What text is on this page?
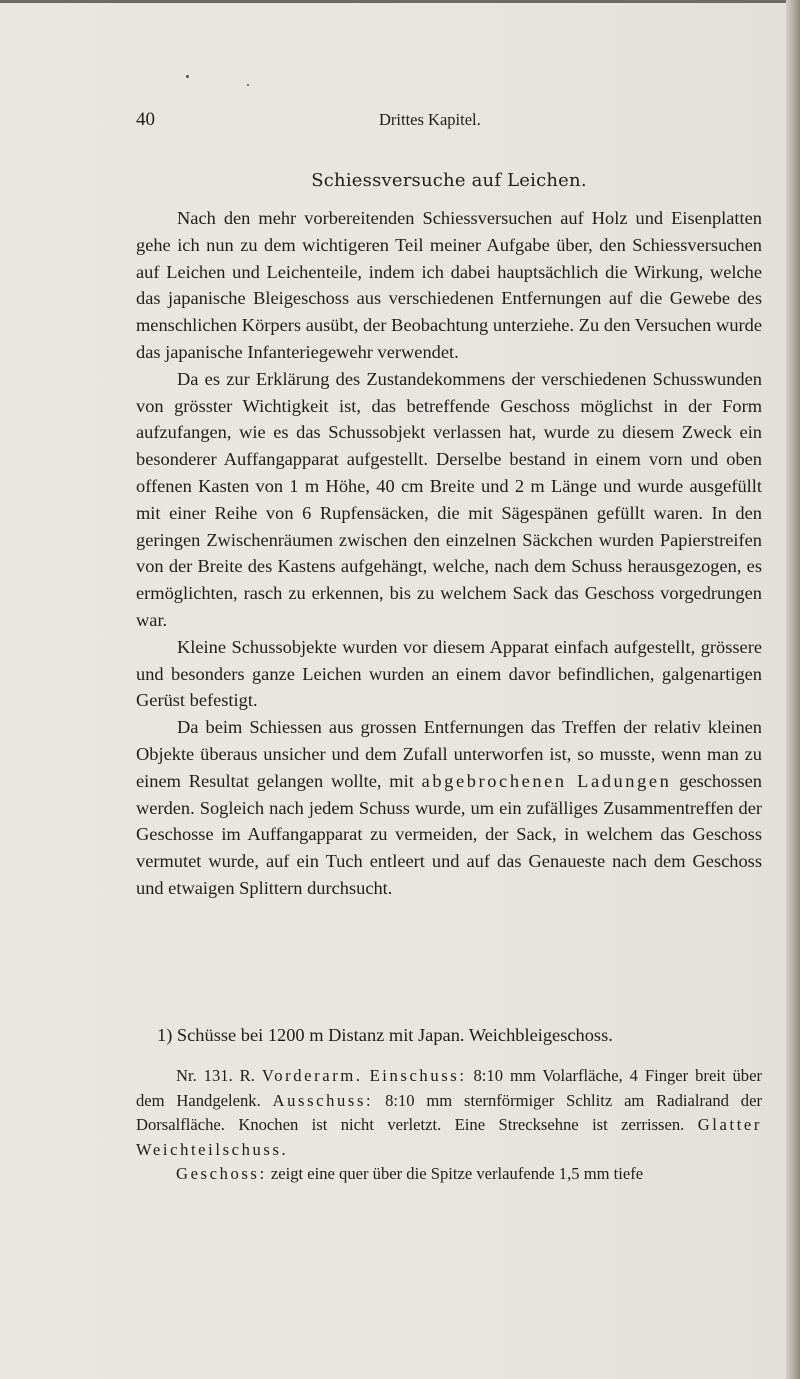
40	Drittes Kapitel.
Schiessversuche auf Leichen.

Nach den mehr vorbereitenden Schiessversuchen auf Holz und Eisenplatten gehe ich nun zu dem wichtigeren Teil meiner Aufgabe über, den Schiessversuchen auf Leichen und Leichenteile, indem ich dabei hauptsächlich die Wirkung, welche das japanische Bleigeschoss aus verschiedenen Entfernungen auf die Gewebe des menschlichen Körpers ausübt, der Beobachtung unterziehe. Zu den Versuchen wurde das japanische Infanteriegewehr verwendet.

Da es zur Erklärung des Zustandekommens der verschiedenen Schusswunden von grösster Wichtigkeit ist, das betreffende Geschoss möglichst in der Form aufzufangen, wie es das Schussobjekt verlassen hat, wurde zu diesem Zweck ein besonderer Auffangapparat aufgestellt. Derselbe bestand in einem vorn und oben offenen Kasten von 1 m Höhe, 40 cm Breite und 2 m Länge und wurde ausgefüllt mit einer Reihe von 6 Rupfensäcken, die mit Sägespänen gefüllt waren. In den geringen Zwischenräumen zwischen den einzelnen Säckchen wurden Papierstreifen von der Breite des Kastens aufgehängt, welche, nach dem Schuss herausgezogen, es ermöglichten, rasch zu erkennen, bis zu welchem Sack das Geschoss vorgedrungen war.

Kleine Schussobjekte wurden vor diesem Apparat einfach aufgestellt, grössere und besonders ganze Leichen wurden an einem davor befindlichen, galgenartigen Gerüst befestigt.

Da beim Schiessen aus grossen Entfernungen das Treffen der relativ kleinen Objekte überaus unsicher und dem Zufall unterworfen ist, so musste, wenn man zu einem Resultat gelangen wollte, mit abgebrochenen Ladungen geschossen werden. Sogleich nach jedem Schuss wurde, um ein zufälliges Zusammentreffen der Geschosse im Auffangapparat zu vermeiden, der Sack, in welchem das Geschoss vermutet wurde, auf ein Tuch entleert und auf das Genaueste nach dem Geschoss und etwaigen Splittern durchsucht.

1) Schüsse bei 1200 m Distanz mit Japan. Weichbleigeschoss.

Nr. 131. R. Vorderarm. Einschuss: 8:10 mm Volarfläche, 4 Finger breit über dem Handgelenk. Ausschuss: 8:10 mm sternförmiger Schlitz am Radialrand der Dorsalfläche. Knochen ist nicht verletzt. Eine Strecksehne ist zerrissen. Glatter Weichteilschuss.

Geschoss: zeigt eine quer über die Spitze verlaufende 1,5 mm tiefe
